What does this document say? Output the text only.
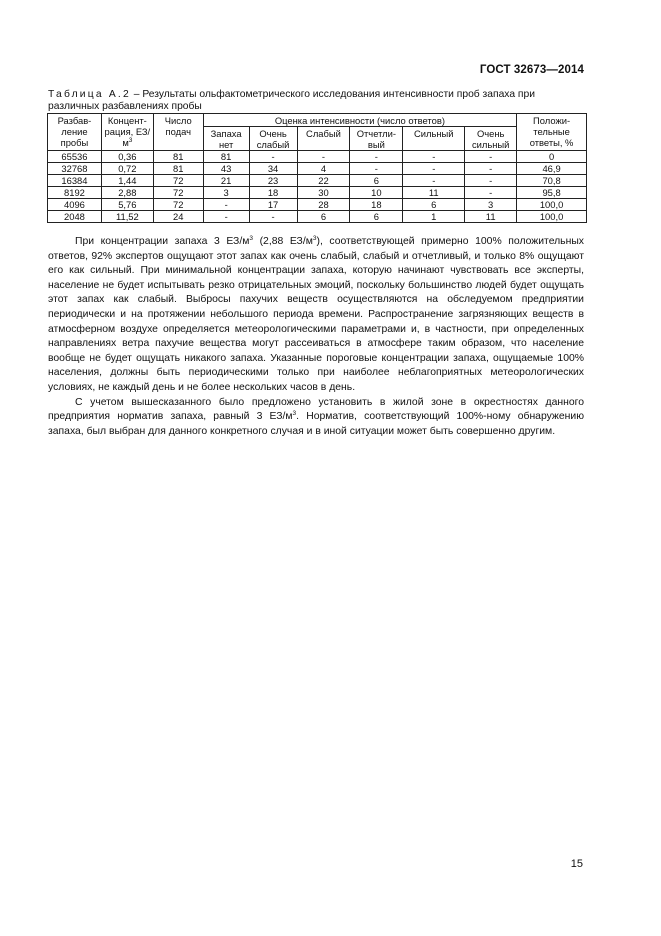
ГОСТ 32673—2014
Таблица А.2 – Результаты ольфактометрического исследования интенсивности проб запаха при различных разбавлениях пробы
Разбав-ление пробы	Концент-рация, $ЕЗ/м^3$	Число подач	Оценка интенсивности (число ответов)						Положи-тельные ответы, %
			Запаха нет	Очень слабый	Слабый	Отчетли-вый	Сильный	Очень сильный	
65536	0,36	81	81	-	-	-	-	-	0
32768	0,72	81	43	34	4	-	-	-	46,9
16384	1,44	72	21	23	22	6	-	-	70,8
8192	2,88	72	3	18	30	10	11	-	95,8
4096	5,76	72	-	17	28	18	6	3	100,0
2048	11,52	24	-	-	6	6	1	11	100,0

При концентрации запаха 3 $ЕЗ/м^3$ (2,88 $ЕЗ/м^3$), соответствующей примерно 100% положительных ответов, 92% экспертов ощущают этот запах как очень слабый, слабый и отчетливый, и только 8% ощущают его как сильный. При минимальной концентрации запаха, которую начинают чувствовать все эксперты, население не будет испытывать резко отрицательных эмоций, поскольку большинство людей будет ощущать этот запах как слабый. Выбросы пахучих веществ осуществляются на обследуемом предприятии периодически и на протяжении небольшого периода времени. Распространение загрязняющих веществ в атмосферном воздухе определяется метеорологическими параметрами и, в частности, при определенных направлениях ветра пахучие вещества могут рассеиваться в атмосфере таким образом, что население вообще не будет ощущать никакого запаха. Указанные пороговые концентрации запаха, ощущаемые 100% населения, должны быть периодическими только при наиболее неблагоприятных метеорологических условиях, не каждый день и не более нескольких часов в день.

С учетом вышесказанного было предложено установить в жилой зоне в окрестностях данного предприятия норматив запаха, равный 3 $ЕЗ/м^3$. Норматив, соответствующий 100%-ному обнаружению запаха, был выбран для данного конкретного случая и в иной ситуации может быть совершенно другим.

15
